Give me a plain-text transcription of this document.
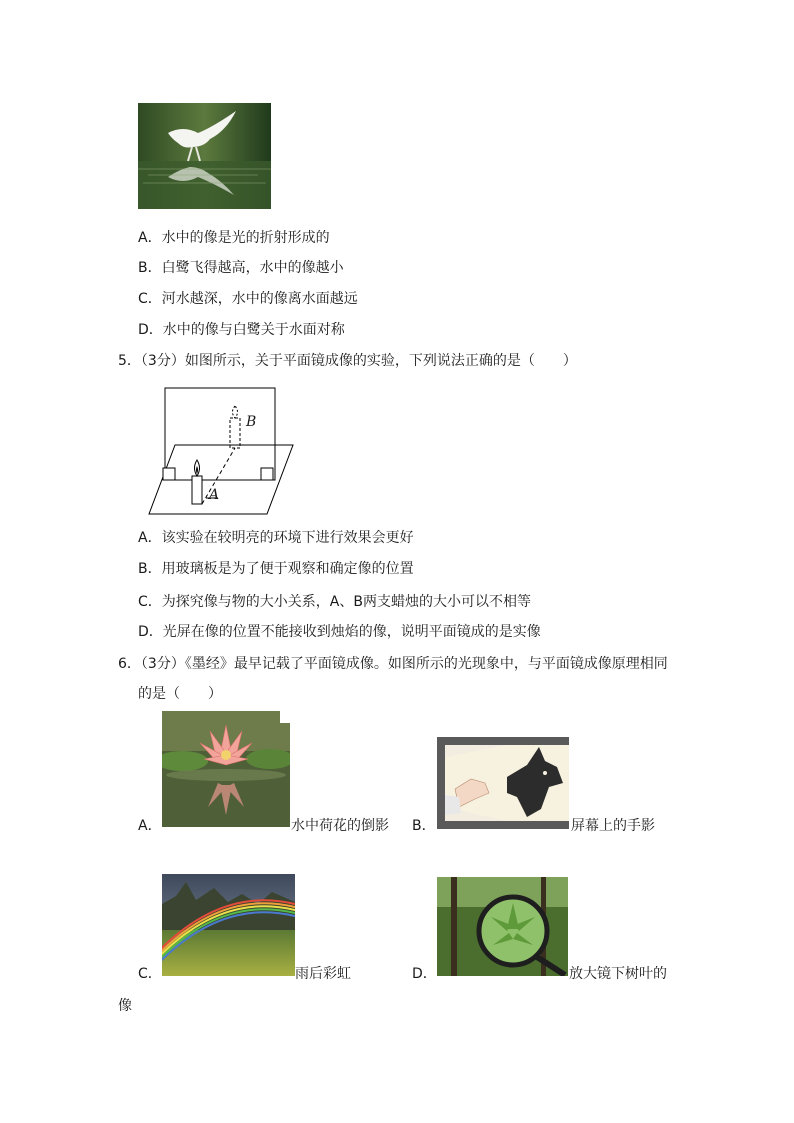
A．水中的像是光的折射形成的
B．白鹭飞得越高，水中的像越小
C．河水越深，水中的像离水面越远
D．水中的像与白鹭关于水面对称
5．（3分）如图所示，关于平面镜成像的实验，下列说法正确的是（　　）
A
B
A．该实验在较明亮的环境下进行效果会更好
B．用玻璃板是为了便于观察和确定像的位置
C．为探究像与物的大小关系，A、B两支蜡烛的大小可以不相等
D．光屏在像的位置不能接收到烛焰的像，说明平面镜成的是实像
6．（3分）《墨经》最早记载了平面镜成像。如图所示的光现象中，与平面镜成像原理相同
的是（　　）
A．	水中荷花的倒影 B．	屏幕上的手影
C．	雨后彩虹	D．	放大镜下树叶的
像
